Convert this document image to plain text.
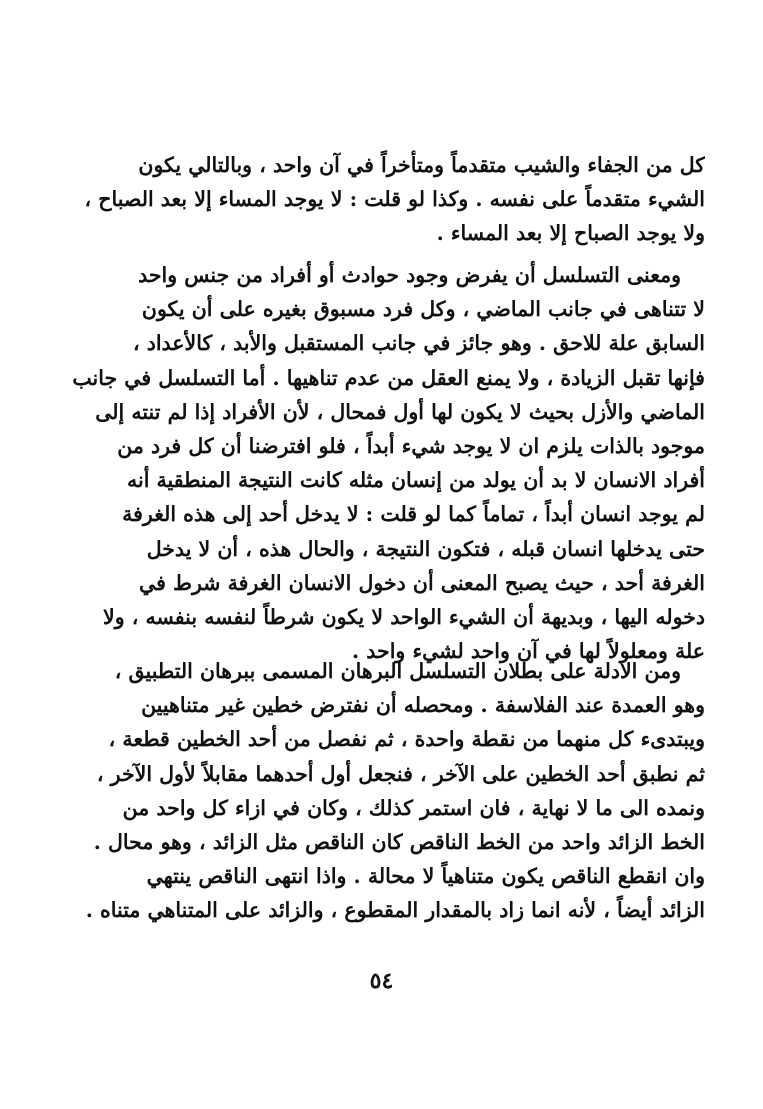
كل من الجفاء والشيب متقدماً ومتأخراً في آن واحد ، وبالتالي يكون
الشيء متقدماً على نفسه . وكذا لو قلت : لا يوجد المساء إلا بعد الصباح ،
ولا يوجد الصباح إلا بعد المساء .

ومعنى التسلسل أن يفرض وجود حوادث أو أفراد من جنس واحد
لا تتناهى في جانب الماضي ، وكل فرد مسبوق بغيره على أن يكون
السابق علة للاحق . وهو جائز في جانب المستقبل والأبد ، كالأعداد ،
فإنها تقبل الزيادة ، ولا يمنع العقل من عدم تناهيها . أما التسلسل في جانب
الماضي والأزل بحيث لا يكون لها أول فمحال ، لأن الأفراد إذا لم تنته إلى
موجود بالذات يلزم ان لا يوجد شيء أبداً ، فلو افترضنا أن كل فرد من
أفراد الانسان لا بد أن يولد من إنسان مثله كانت النتيجة المنطقية أنه
لم يوجد انسان أبداً ، تماماً كما لو قلت : لا يدخل أحد إلى هذه الغرفة
حتى يدخلها انسان قبله ، فتكون النتيجة ، والحال هذه ، أن لا يدخل
الغرفة أحد ، حيث يصبح المعنى أن دخول الانسان الغرفة شرط في
دخوله اليها ، وبديهة أن الشيء الواحد لا يكون شرطاً لنفسه بنفسه ، ولا
علة ومعلولاً لها في آن واحد لشيء واحد .

ومن الادلة على بطلان التسلسل البرهان المسمى ببرهان التطبيق ،
وهو العمدة عند الفلاسفة . ومحصله أن نفترض خطين غير متناهيين
ويبتدىء كل منهما من نقطة واحدة ، ثم نفصل من أحد الخطين قطعة ،
ثم نطبق أحد الخطين على الآخر ، فنجعل أول أحدهما مقابلاً لأول الآخر ،
ونمده الى ما لا نهاية ، فان استمر كذلك ، وكان في ازاء كل واحد من
الخط الزائد واحد من الخط الناقص كان الناقص مثل الزائد ، وهو محال .
وان انقطع الناقص يكون متناهياً لا محالة . واذا انتهى الناقص ينتهي
الزائد أيضاً ، لأنه انما زاد بالمقدار المقطوع ، والزائد على المتناهي متناه .

٥٤
